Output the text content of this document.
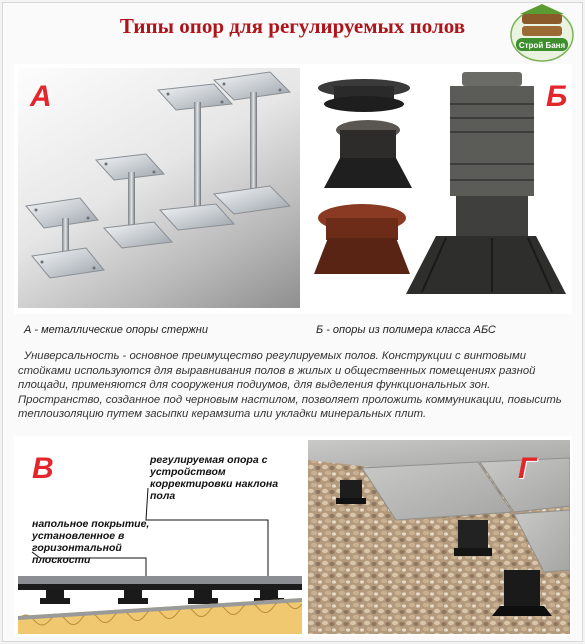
Типы опор для регулируемых полов
Строй Баня
А	Б
А - металлические опоры стержни	Б - опоры из полимера класса АБС
Универсальность - основное преимущество регулируемых полов. Конструкции с винтовыми стойками используются для выравнивания полов в жилых и общественных помещениях разной площади, применяются для сооружения подиумов, для выделения функциональных зон. Пространство, созданное под черновым настилом, позволяет проложить коммуникации, повысить теплоизоляцию путем засыпки керамзита или укладки минеральных плит.
В	регулируемая опора с устройством корректировки наклона пола
напольное покрытие, установленное в горизонтальной плоскости
Г
